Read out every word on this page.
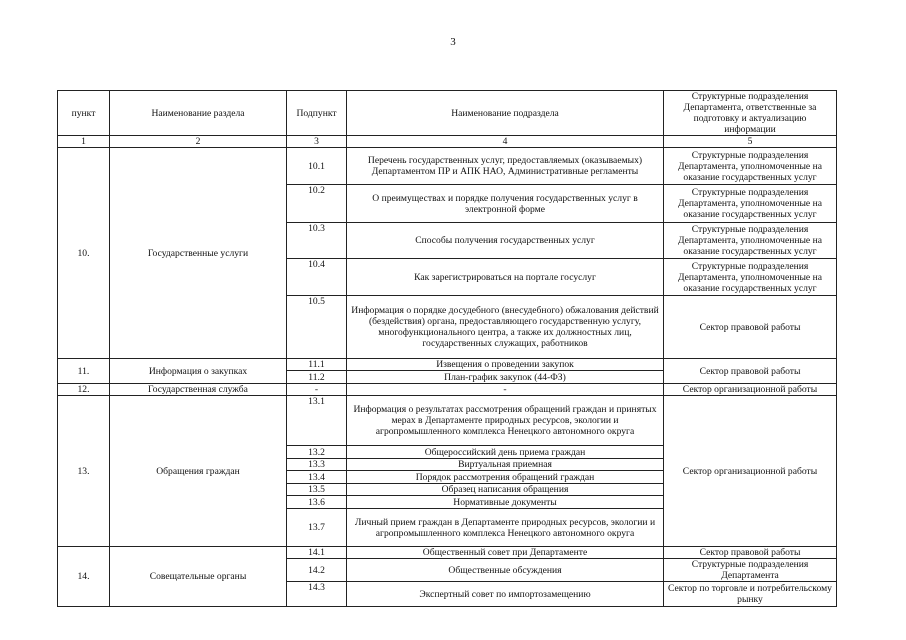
3
пункт	Наименование раздела	Подпункт	Наименование подраздела	Структурные подразделения Департамента, ответственные за подготовку и актуализацию информации
1	2	3	4	5
10.	Государственные услуги	10.1	Перечень государственных услуг, предоставляемых (оказываемых) Департаментом ПР и АПК НАО, Административные регламенты	Структурные подразделения Департамента, уполномоченные на оказание государственных услуг
		10.2	О преимуществах и порядке получения государственных услуг в электронной форме	Структурные подразделения Департамента, уполномоченные на оказание государственных услуг
		10.3	Способы получения государственных услуг	Структурные подразделения Департамента, уполномоченные на оказание государственных услуг
		10.4	Как зарегистрироваться на портале госуслуг	Структурные подразделения Департамента, уполномоченные на оказание государственных услуг
		10.5	Информация о порядке досудебного (внесудебного) обжалования действий (бездействия) органа, предоставляющего государственную услугу, многофункционального центра, а также их должностных лиц, государственных служащих, работников	Сектор правовой работы
11.	Информация о закупках	11.1	Извещения о проведении закупок	Сектор правовой работы
		11.2	План-график закупок (44-ФЗ)	
12.	Государственная служба	-	-	Сектор организационной работы
13.	Обращения граждан	13.1	Информация о результатах рассмотрения обращений граждан и принятых мерах в Департаменте природных ресурсов, экологии и агропромышленного комплекса Ненецкого автономного округа	Сектор организационной работы
		13.2	Общероссийский день приема граждан	
		13.3	Виртуальная приемная	
		13.4	Порядок рассмотрения обращений граждан	
		13.5	Образец написания обращения	
		13.6	Нормативные документы	
		13.7	Личный прием граждан в Департаменте природных ресурсов, экологии и агропромышленного комплекса Ненецкого автономного округа	
14.	Совещательные органы	14.1	Общественный совет при Департаменте	Сектор правовой работы
		14.2	Общественные обсуждения	Структурные подразделения Департамента
		14.3	Экспертный совет по импортозамещению	Сектор по торговле и потребительскому рынку
